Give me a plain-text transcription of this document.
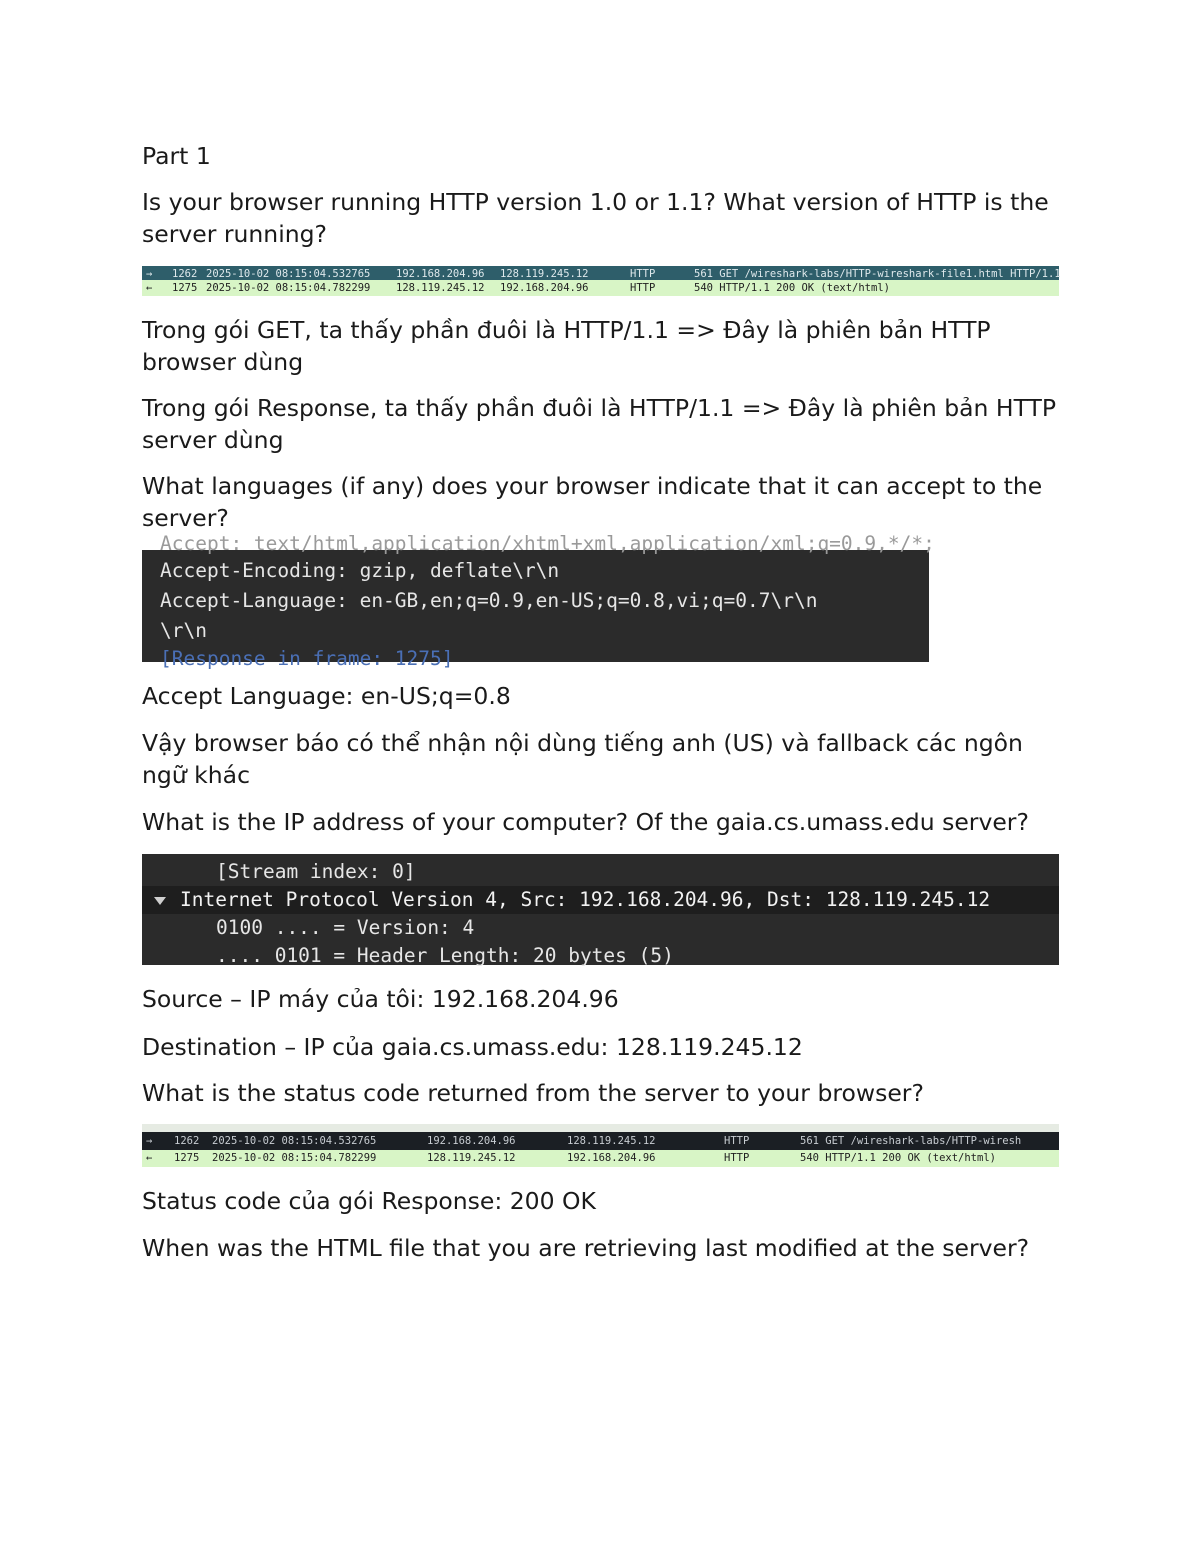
Part 1

Is your browser running HTTP version 1.0 or 1.1? What version of HTTP is the server running?

→ 1262 2025-10-02 08:15:04.532765 192.168.204.96 128.119.245.12	HTTP	561 GET /wireshark-labs/HTTP-wireshark-file1.html HTTP/1.1
← 1275 2025-10-02 08:15:04.782299 128.119.245.12 192.168.204.96	HTTP	540 HTTP/1.1 200 OK (text/html)

Trong gói GET, ta thấy phần đuôi là HTTP/1.1 => Đây là phiên bản HTTP browser dùng

Trong gói Response, ta thấy phần đuôi là HTTP/1.1 => Đây là phiên bản HTTP server dùng

What languages (if any) does your browser indicate that it can accept to the server?

Accept: text/html,application/xhtml+xml,application/xml;q=0.9,*/*;
Accept-Encoding: gzip, deflate\r\n
Accept-Language: en-GB,en;q=0.9,en-US;q=0.8,vi;q=0.7\r\n
\r\n
[Response in frame: 1275]

Accept Language: en-US;q=0.8

Vậy browser báo có thể nhận nội dùng tiếng anh (US) và fallback các ngôn ngữ khác

What is the IP address of your computer? Of the gaia.cs.umass.edu server?

[Stream index: 0]
Internet Protocol Version 4, Src: 192.168.204.96, Dst: 128.119.245.12
0100 .... = Version: 4
.... 0101 = Header Length: 20 bytes (5)

Source – IP máy của tôi: 192.168.204.96

Destination – IP của gaia.cs.umass.edu: 128.119.245.12

What is the status code returned from the server to your browser?

→ 1262 2025-10-02 08:15:04.532765	192.168.204.96	128.119.245.12	HTTP	561 GET /wireshark-labs/HTTP-wiresh
← 1275 2025-10-02 08:15:04.782299	128.119.245.12	192.168.204.96	HTTP	540 HTTP/1.1 200 OK (text/html)

Status code của gói Response: 200 OK

When was the HTML file that you are retrieving last modified at the server?
